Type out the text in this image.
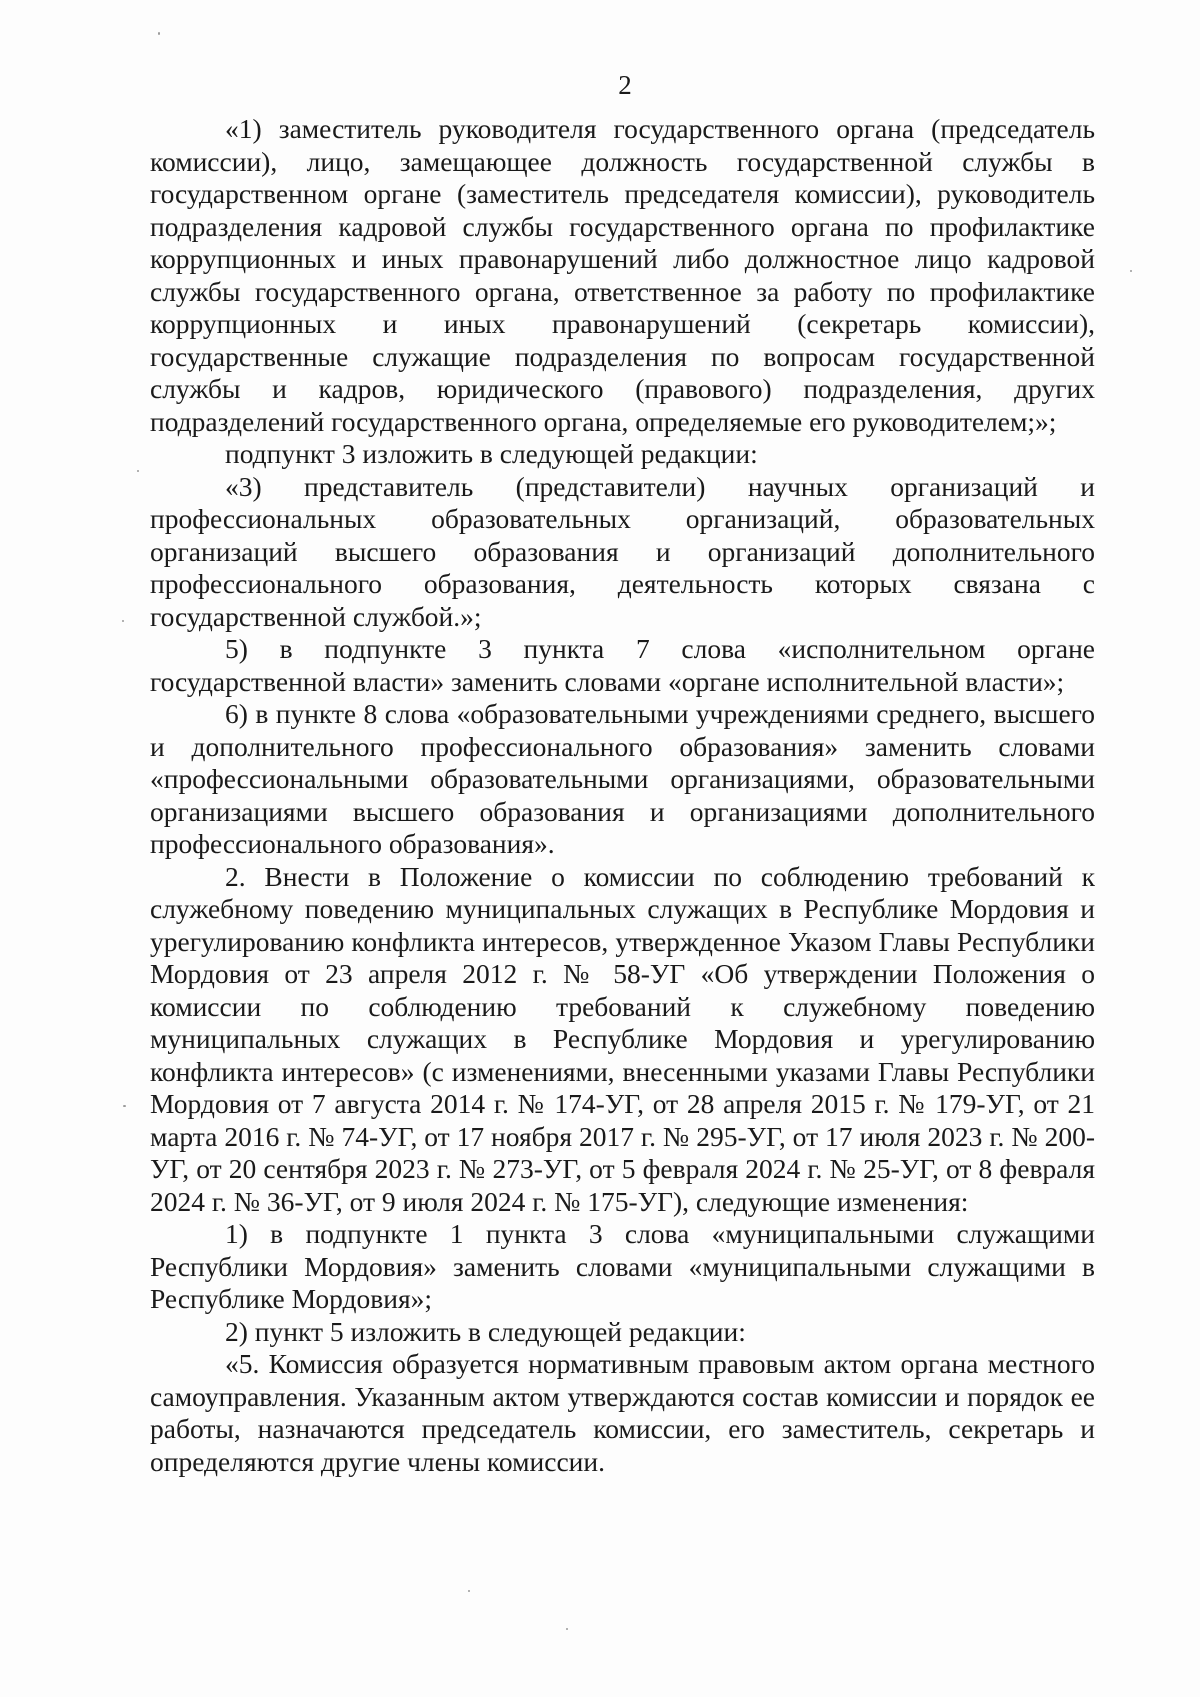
2

«1) заместитель руководителя государственного органа (председатель комиссии), лицо, замещающее должность государственной службы в государственном органе (заместитель председателя комиссии), руководитель подразделения кадровой службы государственного органа по профилактике коррупционных и иных правонарушений либо должностное лицо кадровой службы государственного органа, ответственное за работу по профилактике коррупционных и иных правонарушений (секретарь комиссии), государственные служащие подразделения по вопросам государственной службы и кадров, юридического (правового) подразделения, других подразделений государственного органа, определяемые его руководителем;»;

подпункт 3 изложить в следующей редакции:

«3) представитель (представители) научных организаций и профессиональных образовательных организаций, образовательных организаций высшего образования и организаций дополнительного профессионального образования, деятельность которых связана с государственной службой.»;

5) в подпункте 3 пункта 7 слова «исполнительном органе государственной власти» заменить словами «органе исполнительной власти»;

6) в пункте 8 слова «образовательными учреждениями среднего, высшего и дополнительного профессионального образования» заменить словами «профессиональными образовательными организациями, образовательными организациями высшего образования и организациями дополнительного профессионального образования».

2. Внести в Положение о комиссии по соблюдению требований к служебному поведению муниципальных служащих в Республике Мордовия и урегулированию конфликта интересов, утвержденное Указом Главы Республики Мордовия от 23 апреля 2012 г. № 58-УГ «Об утверждении Положения о комиссии по соблюдению требований к служебному поведению муниципальных служащих в Республике Мордовия и урегулированию конфликта интересов» (с изменениями, внесенными указами Главы Республики Мордовия от 7 августа 2014 г. № 174-УГ, от 28 апреля 2015 г. № 179-УГ, от 21 марта 2016 г. № 74-УГ, от 17 ноября 2017 г. № 295-УГ, от 17 июля 2023 г. № 200-УГ, от 20 сентября 2023 г. № 273-УГ, от 5 февраля 2024 г. № 25-УГ, от 8 февраля 2024 г. № 36-УГ, от 9 июля 2024 г. № 175-УГ), следующие изменения:

1) в подпункте 1 пункта 3 слова «муниципальными служащими Республики Мордовия» заменить словами «муниципальными служащими в Республике Мордовия»;

2) пункт 5 изложить в следующей редакции:

«5. Комиссия образуется нормативным правовым актом органа местного самоуправления. Указанным актом утверждаются состав комиссии и порядок ее работы, назначаются председатель комиссии, его заместитель, секретарь и определяются другие члены комиссии.
